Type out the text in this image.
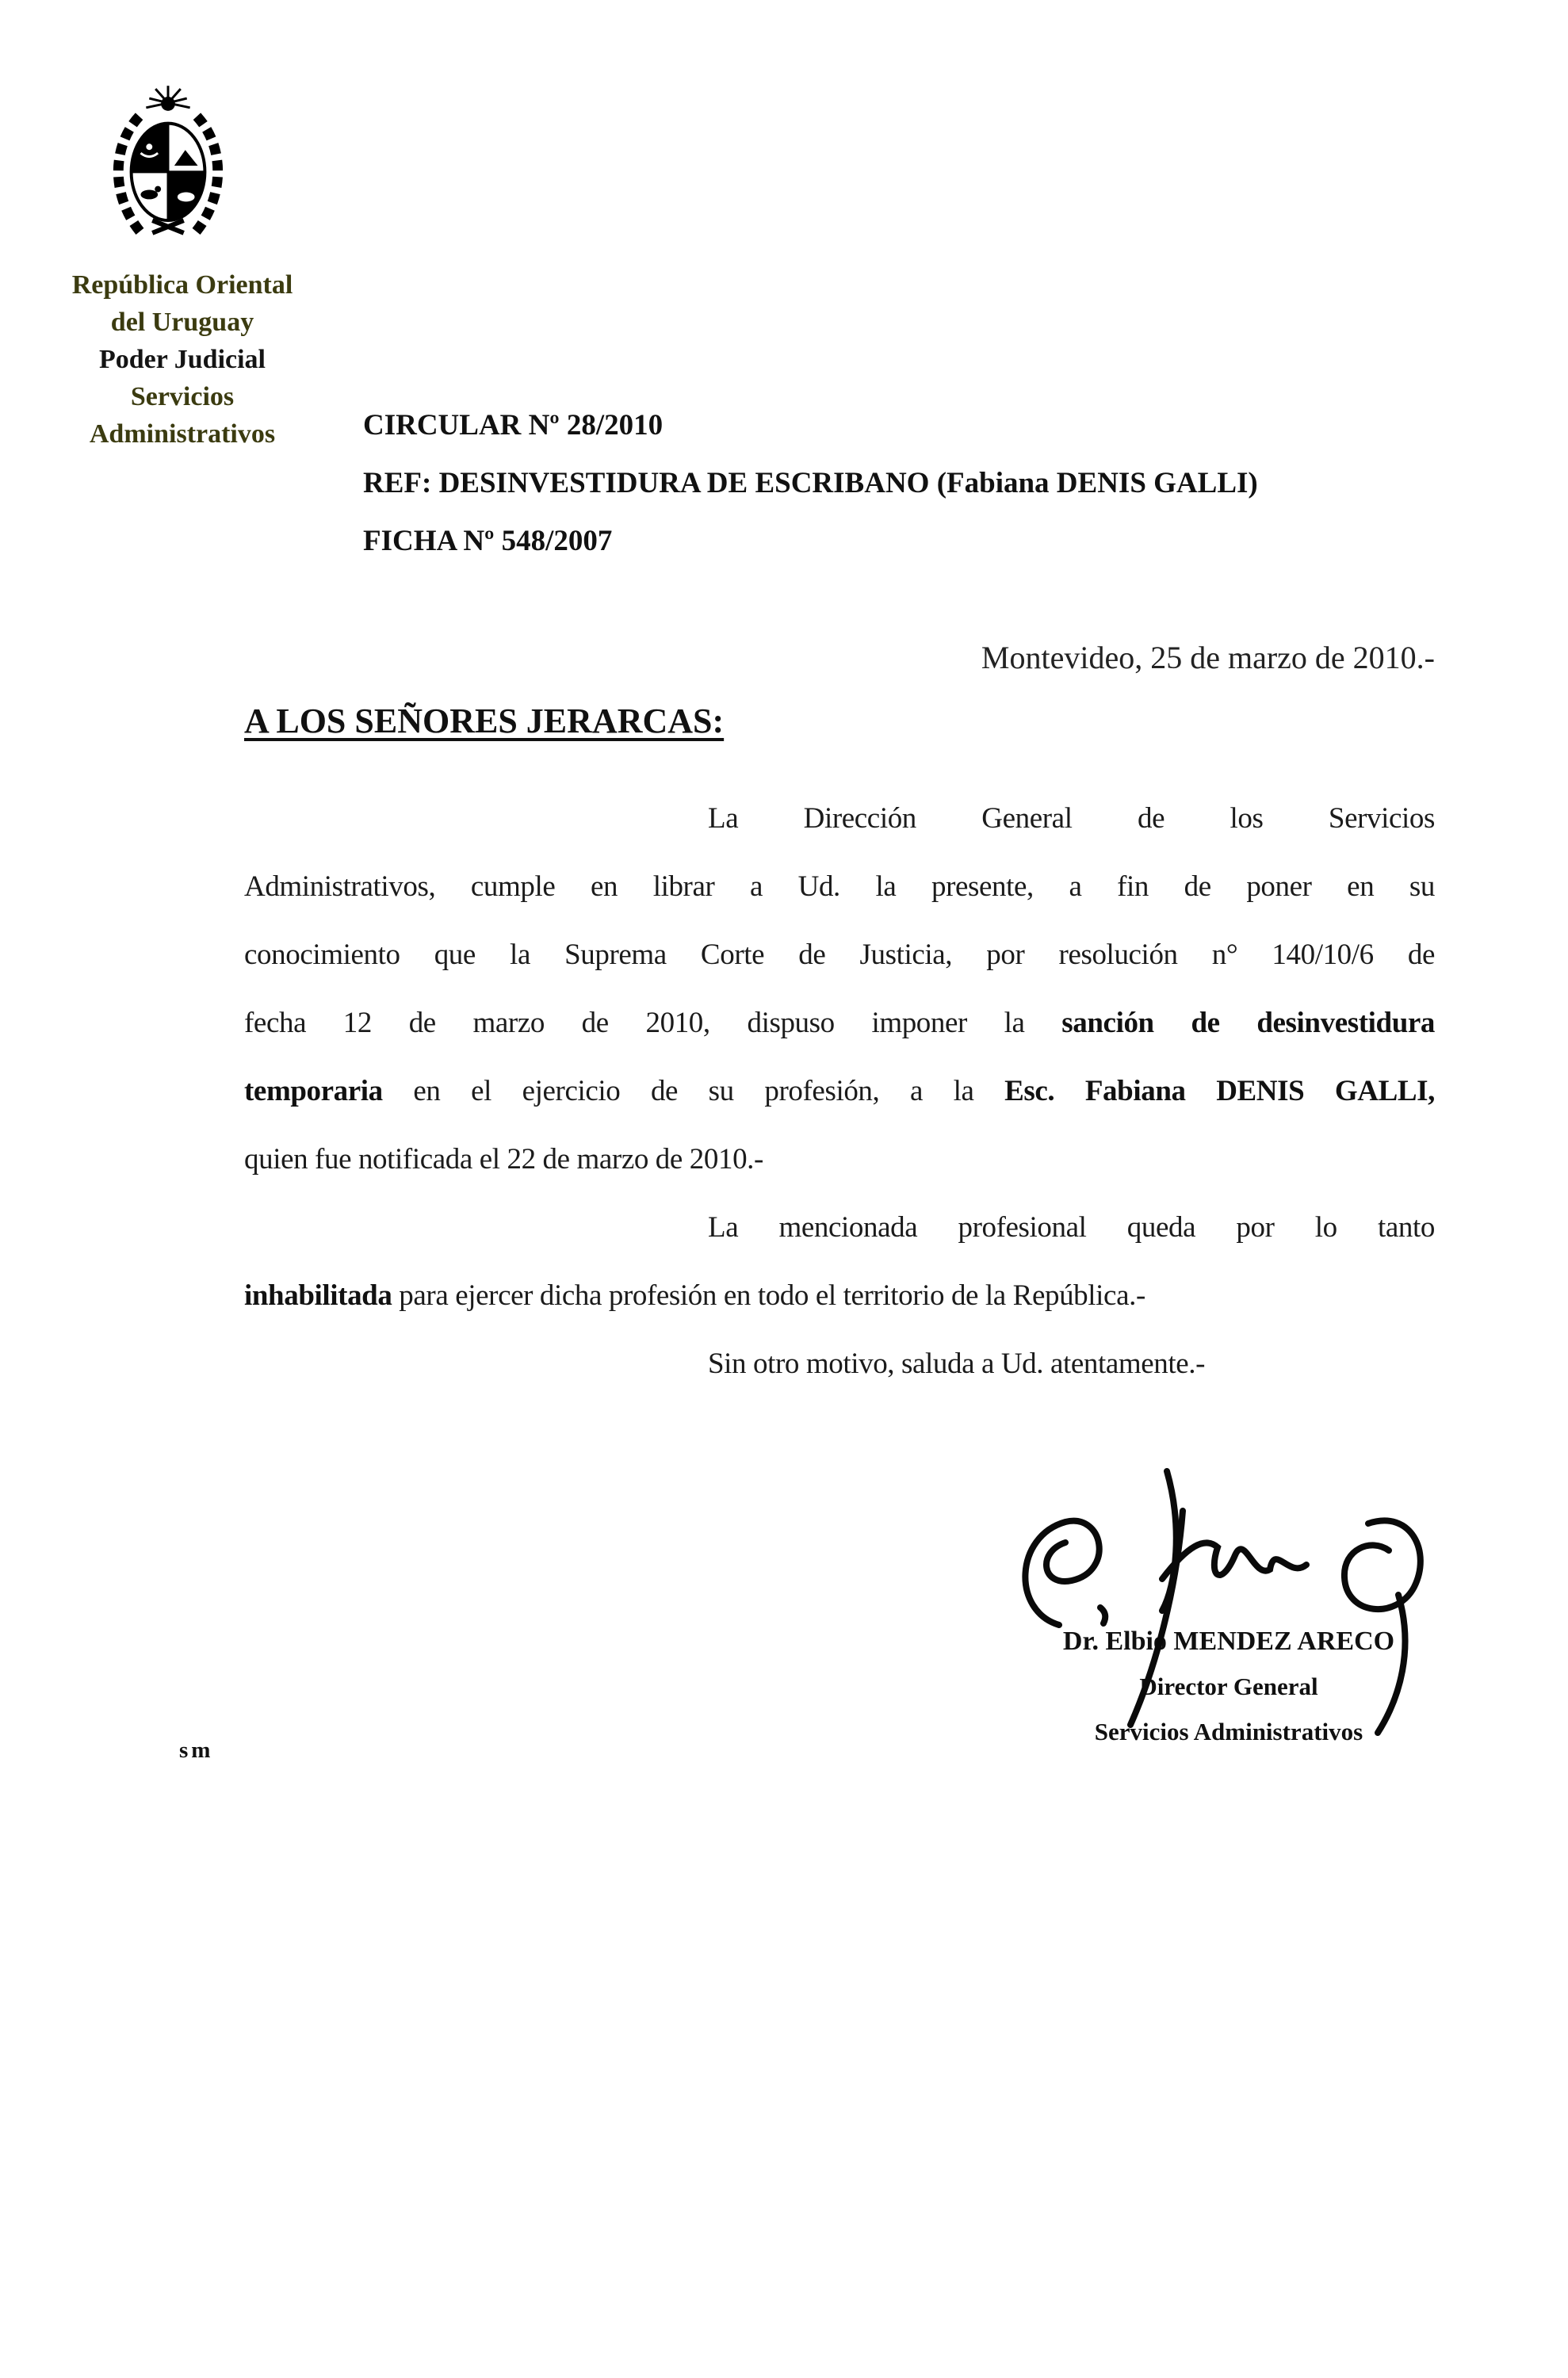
República Oriental
del Uruguay
Poder Judicial
Servicios
Administrativos	CIRCULAR Nº 28/2010
REF: DESINVESTIDURA DE ESCRIBANO (Fabiana DENIS GALLI)
FICHA Nº 548/2007
Montevideo, 25 de marzo de 2010.-
A LOS SEÑORES JERARCAS:
La Dirección General de los Servicios
Administrativos, cumple en librar a Ud. la presente, a fin de poner en su
conocimiento que la Suprema Corte de Justicia, por resolución n° 140/10/6 de
fecha 12 de marzo de 2010, dispuso imponer la sanción de desinvestidura
temporaria en el ejercicio de su profesión, a la Esc. Fabiana DENIS GALLI,
quien fue notificada el 22 de marzo de 2010.-
La mencionada profesional queda por lo tanto
inhabilitada para ejercer dicha profesión en todo el territorio de la República.-
Sin otro motivo, saluda a Ud. atentamente.-
Dr. Elbio MENDEZ ARECO
Director General
Servicios Administrativos
sm
